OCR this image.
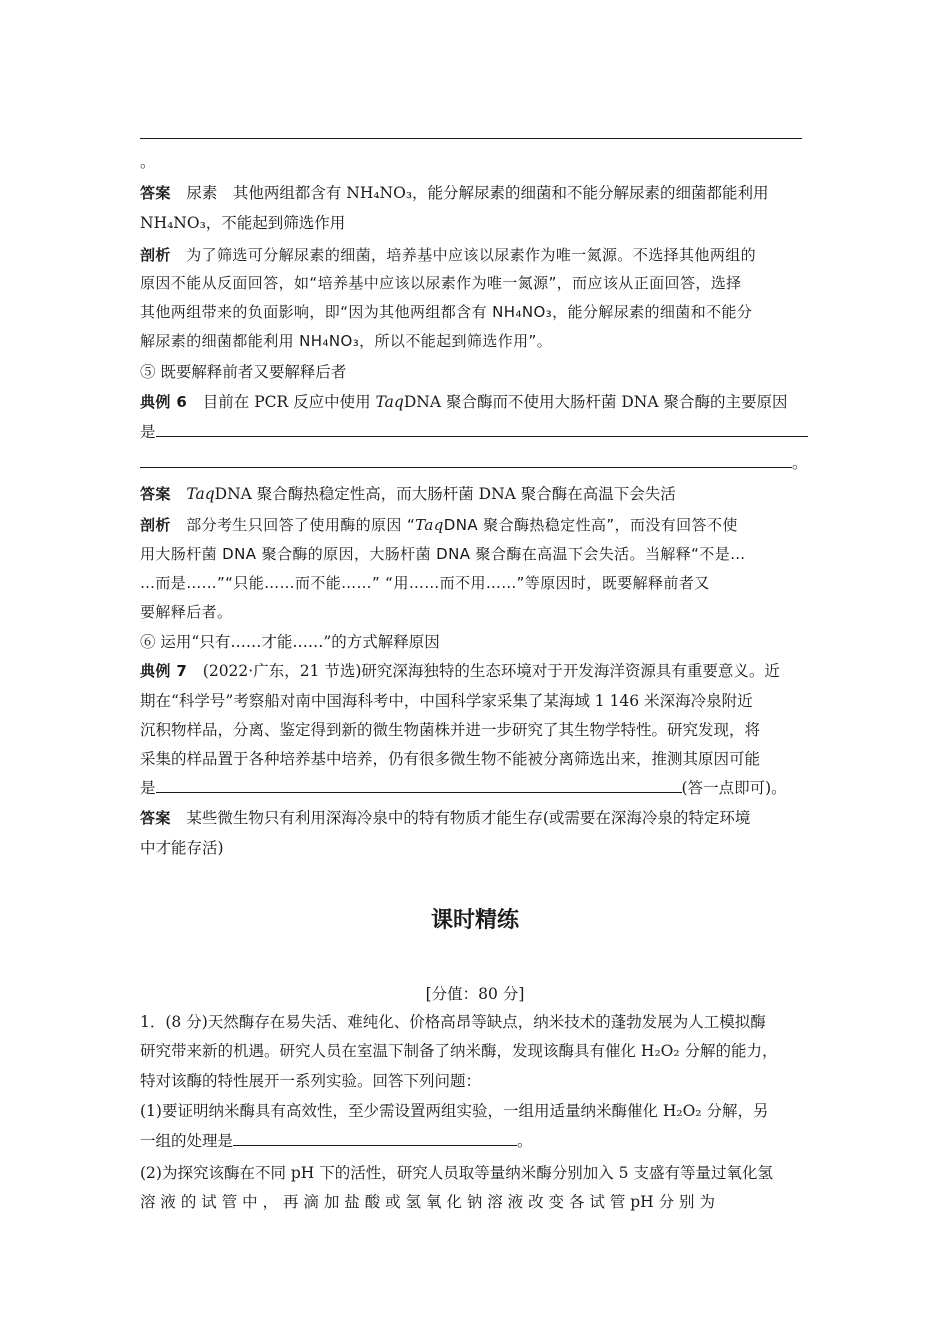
。
答案　 尿素　其他两组都含有 NH₄NO₃，能分解尿素的细菌和不能分解尿素的细菌都能利用
NH₄NO₃，不能起到筛选作用
剖析　 为了筛选可分解尿素的细菌，培养基中应该以尿素作为唯一氮源。不选择其他两组的
原因不能从反面回答，如“培养基中应该以尿素作为唯一氮源”，而应该从正面回答，选择
其他两组带来的负面影响，即“因为其他两组都含有 NH₄NO₃，能分解尿素的细菌和不能分
解尿素的细菌都能利用 NH₄NO₃，所以不能起到筛选作用”。
⑤ 既要解释前者又要解释后者
典例 6　 目前在 PCR 反应中使用 TaqDNA 聚合酶而不使用大肠杆菌 DNA 聚合酶的主要原因
是
。
答案　 TaqDNA 聚合酶热稳定性高，而大肠杆菌 DNA 聚合酶在高温下会失活
剖析　 部分考生只回答了使用酶的原因 “TaqDNA 聚合酶热稳定性高”，而没有回答不使
用大肠杆菌 DNA 聚合酶的原因，大肠杆菌 DNA 聚合酶在高温下会失活。当解释“不是…
…而是……”“只能……而不能……” “用……而不用……”等原因时，既要解释前者又
要解释后者。
⑥ 运用“只有……才能……”的方式解释原因
典例 7　 (2022·广东，21 节选)研究深海独特的生态环境对于开发海洋资源具有重要意义。近
期在“科学号”考察船对南中国海科考中，中国科学家采集了某海域 1 146 米深海冷泉附近
沉积物样品，分离、鉴定得到新的微生物菌株并进一步研究了其生物学特性。研究发现，将
采集的样品置于各种培养基中培养，仍有很多微生物不能被分离筛选出来，推测其原因可能
是	(答一点即可)。
答案　 某些微生物只有利用深海冷泉中的特有物质才能生存(或需要在深海冷泉的特定环境
中才能存活)
课时精练
[分值：80 分]
1．(8 分)天然酶存在易失活、难纯化、价格高昂等缺点，纳米技术的蓬勃发展为人工模拟酶
研究带来新的机遇。研究人员在室温下制备了纳米酶，发现该酶具有催化 H₂O₂ 分解的能力，
特对该酶的特性展开一系列实验。回答下列问题：
(1)要证明纳米酶具有高效性，至少需设置两组实验，一组用适量纳米酶催化 H₂O₂ 分解，另
一组的处理是	。
(2)为探究该酶在不同 pH 下的活性，研究人员取等量纳米酶分别加入 5 支盛有等量过氧化氢
溶 液 的 试 管 中 ， 再 滴 加 盐 酸 或 氢 氧 化 钠 溶 液 改 变 各 试 管 pH 分 别 为
